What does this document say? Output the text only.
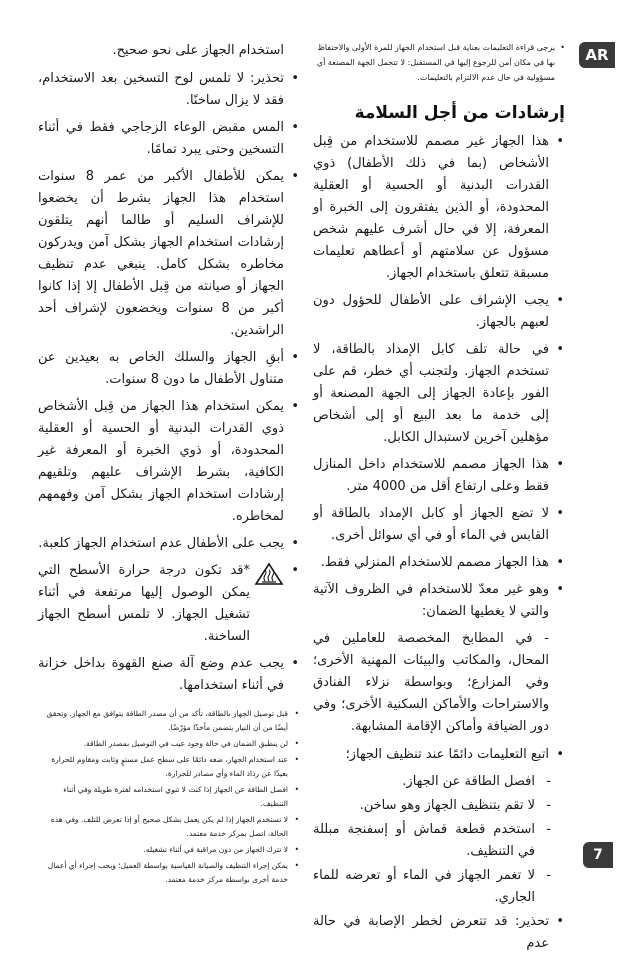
AR

• يرجى قراءة التعليمات بعناية قبل استخدام الجهاز للمرة الأولى والاحتفاظ بها في مكان آمن للرجوع إليها في المستقبل: لا تتحمل الجهة المصنعة أي مسؤولية في حال عدم الالتزام بالتعليمات.

إرشادات من أجل السلامة
• هذا الجهاز غير مصمم للاستخدام من قِبل الأشخاص (بما في ذلك الأطفال) ذوي القدرات البدنية أو الحسية أو العقلية المحدودة، أو الذين يفتقرون إلى الخبرة أو المعرفة، إلا في حال أشرف عليهم شخص مسؤول عن سلامتهم أو أعطاهم تعليمات مسبقة تتعلق باستخدام الجهاز.
• يجب الإشراف على الأطفال للحؤول دون لعبهم بالجهاز.
• في حالة تلف كابل الإمداد بالطاقة، لا تستخدم الجهاز. ولتجنب أي خطر، قم على الفور بإعادة الجهاز إلى الجهة المصنعة أو إلى خدمة ما بعد البيع أو إلى أشخاص مؤهلين آخرين لاستبدال الكابل.
• هذا الجهاز مصمم للاستخدام داخل المنازل فقط وعلى ارتفاع أقل من 4000 متر.
• لا تضع الجهاز أو كابل الإمداد بالطاقة أو القابس في الماء أو في أي سوائل أخرى.
• هذا الجهاز مصمم للاستخدام المنزلي فقط.
• وهو غير معدّ للاستخدام في الظروف الآتية والتي لا يغطيها الضمان:

- في المطابخ المخصصة للعاملين في المحال، والمكاتب والبيئات المهنية الأخرى؛ وفي المزارع؛ وبواسطة نزلاء الفنادق والاستراحات والأماكن السكنية الأخرى؛ وفي دور الضيافة وأماكن الإقامة المشابهة.

• اتبع التعليمات دائمًا عند تنظيف الجهاز؛
- افصل الطاقة عن الجهاز.
- لا تقم بتنظيف الجهاز وهو ساخن.
- استخدم قطعة قماش أو إسفنجة مبللة في التنظيف.
- لا تغمر الجهاز في الماء أو تعرضه للماء الجاري.
• تحذير: قد تتعرض لخطر الإصابة في حالة عدم

استخدام الجهاز على نحو صحيح.

• تحذير: لا تلمس لوح التسخين بعد الاستخدام، فقد لا يزال ساخنًا.
• المس مقبض الوعاء الزجاجي فقط في أثناء التسخين وحتى يبرد تمامًا.
• يمكن للأطفال الأكبر من عمر 8 سنوات استخدام هذا الجهاز بشرط أن يخضعوا للإشراف السليم أو طالما أنهم يتلقون إرشادات استخدام الجهاز بشكل آمن ويدركون مخاطره بشكل كامل. ينبغي عدم تنظيف الجهاز أو صيانته من قِبل الأطفال إلا إذا كانوا أكبر من 8 سنوات ويخضعون لإشراف أحد الراشدين.
• أبقِ الجهاز والسلك الخاص به بعيدين عن متناول الأطفال ما دون 8 سنوات.
• يمكن استخدام هذا الجهاز من قِبل الأشخاص ذوي القدرات البدنية أو الحسية أو العقلية المحدودة، أو ذوي الخبرة أو المعرفة غير الكافية، بشرط الإشراف عليهم وتلقيهم إرشادات استخدام الجهاز بشكل آمن وفهمهم لمخاطره.
• يجب على الأطفال عدم استخدام الجهاز كلعبة.
• *قد تكون درجة حرارة الأسطح التي يمكن الوصول إليها مرتفعة في أثناء تشغيل الجهاز. لا تلمس أسطح الجهاز الساخنة.
• يجب عدم وضع آلة صنع القهوة بداخل خزانة في أثناء استخدامها.
• قبل توصيل الجهاز بالطاقة، تأكد من أن مصدر الطاقة يتوافق مع الجهاز. وتحقق أيضًا من أن التيار يتضمن مأخذًا مؤرّضًا.
• لن ينطبق الضمان في حالة وجود عيب في التوصيل بمصدر الطاقة.
• عند استخدام الجهاز، ضعه دائمًا على سطح عمل مستوٍ وثابت ومقاوم للحرارة بعيدًا عن رذاذ الماء وأي مصادر للحرارة.
• افصل الطاقة عن الجهاز إذا كنت لا تنوي استخدامه لفترة طويلة وفي أثناء التنظيف.
• لا تستخدم الجهاز إذا لم يكن يعمل بشكل صحيح أو إذا تعرض للتلف. وفي هذه الحالة، اتصل بمركز خدمة معتمد.
• لا تترك الجهاز من دون مراقبة في أثناء تشغيله.
• يمكن إجراء التنظيف والصيانة القياسية بواسطة العميل؛ ويجب إجراء أي أعمال خدمة أخرى بواسطة مركز خدمة معتمد.
7
